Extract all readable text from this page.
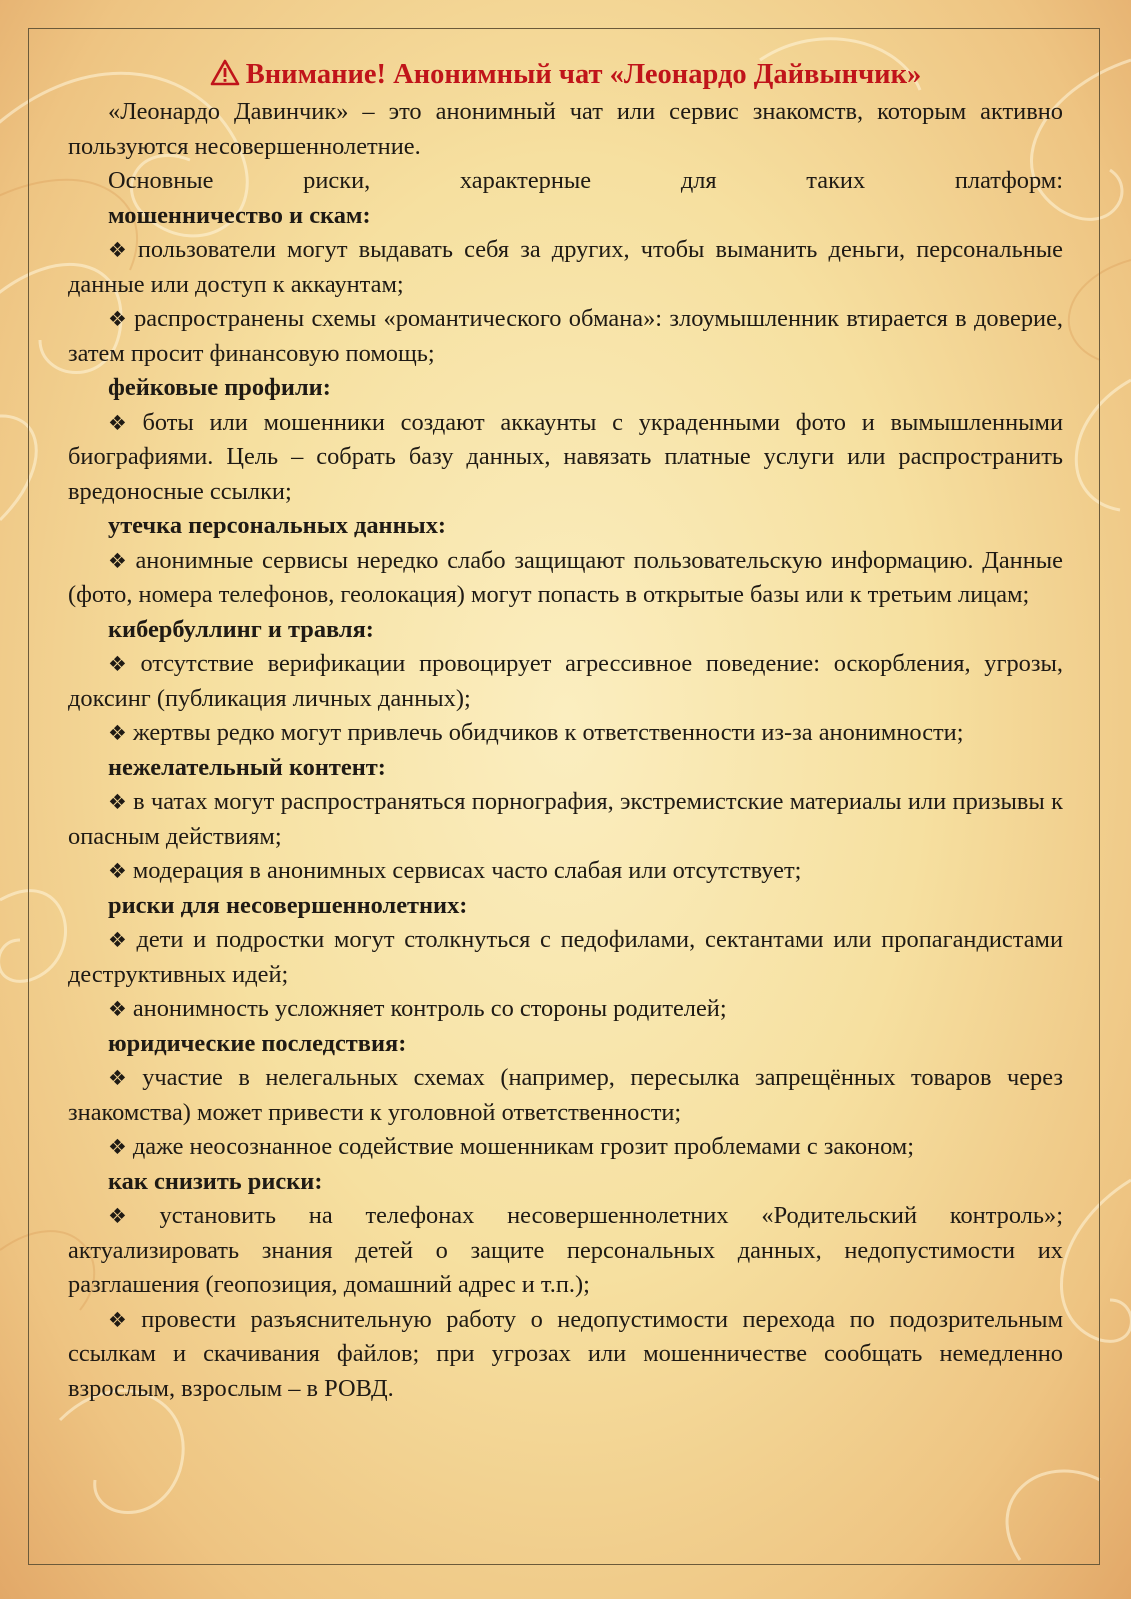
Внимание! Анонимный чат «Леонардо Дайвынчик»

«Леонардо Давинчик» – это анонимный чат или сервис знакомств, которым активно пользуются несовершеннолетние.

Основные риски, характерные для таких платформ:

мошенничество и скам:

❖ пользователи могут выдавать себя за других, чтобы выманить деньги, персональные данные или доступ к аккаунтам;

❖ распространены схемы «романтического обмана»: злоумышленник втирается в доверие, затем просит финансовую помощь;

фейковые профили:

❖ боты или мошенники создают аккаунты с украденными фото и вымышленными биографиями. Цель – собрать базу данных, навязать платные услуги или распространить вредоносные ссылки;

утечка персональных данных:

❖ анонимные сервисы нередко слабо защищают пользовательскую информацию. Данные (фото, номера телефонов, геолокация) могут попасть в открытые базы или к третьим лицам;

кибербуллинг и травля:

❖ отсутствие верификации провоцирует агрессивное поведение: оскорбления, угрозы, доксинг (публикация личных данных);

❖ жертвы редко могут привлечь обидчиков к ответственности из-за анонимности;

нежелательный контент:

❖ в чатах могут распространяться порнография, экстремистские материалы или призывы к опасным действиям;

❖ модерация в анонимных сервисах часто слабая или отсутствует;

риски для несовершеннолетних:

❖ дети и подростки могут столкнуться с педофилами, сектантами или пропагандистами деструктивных идей;

❖ анонимность усложняет контроль со стороны родителей;

юридические последствия:

❖ участие в нелегальных схемах (например, пересылка запрещённых товаров через знакомства) может привести к уголовной ответственности;

❖ даже неосознанное содействие мошенникам грозит проблемами с законом;

как снизить риски:

❖ установить на телефонах несовершеннолетних «Родительский контроль»; актуализировать знания детей о защите персональных данных, недопустимости их разглашения (геопозиция, домашний адрес и т.п.);

❖ провести разъяснительную работу о недопустимости перехода по подозрительным ссылкам и скачивания файлов; при угрозах или мошенничестве сообщать немедленно взрослым, взрослым – в РОВД.
